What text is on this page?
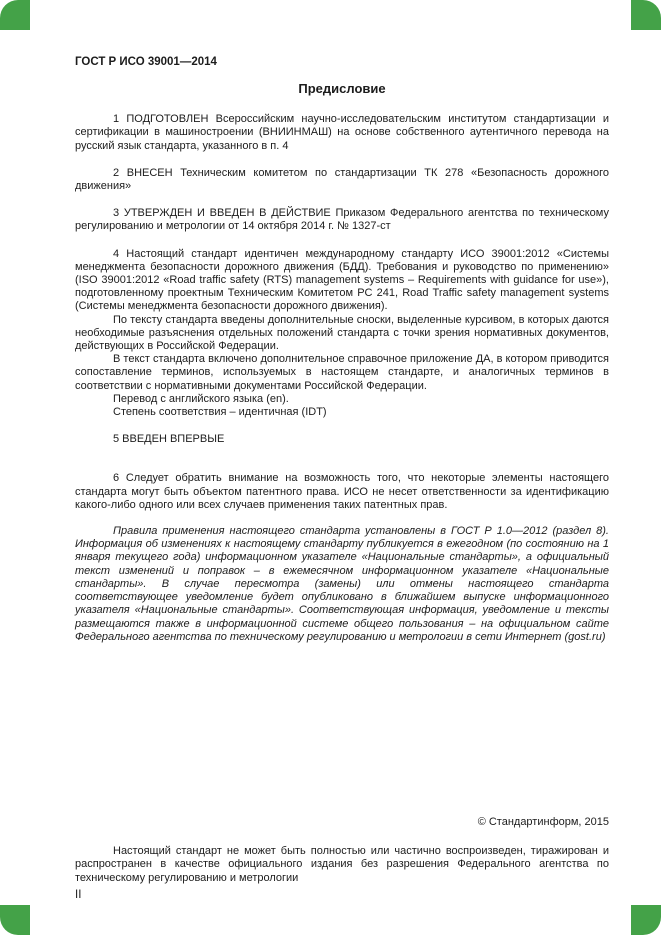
ГОСТ Р ИСО 39001—2014
Предисловие

1 ПОДГОТОВЛЕН Всероссийским научно-исследовательским институтом стандартизации и сертификации в машиностроении (ВНИИНМАШ) на основе собственного аутентичного перевода на русский язык стандарта, указанного в п. 4

2 ВНЕСЕН Техническим комитетом по стандартизации ТК 278 «Безопасность дорожного движения»

3 УТВЕРЖДЕН И ВВЕДЕН В ДЕЙСТВИЕ Приказом Федерального агентства по техническому регулированию и метрологии от 14 октября 2014 г. № 1327-ст

4 Настоящий стандарт идентичен международному стандарту ИСО 39001:2012 «Системы менеджмента безопасности дорожного движения (БДД). Требования и руководство по применению» (ISO 39001:2012 «Road traffic safety (RTS) management systems – Requirements with guidance for use»), подготовленному проектным Техническим Комитетом РС 241, Road Traffic safety management systems (Системы менеджмента безопасности дорожного движения).

По тексту стандарта введены дополнительные сноски, выделенные курсивом, в которых даются необходимые разъяснения отдельных положений стандарта с точки зрения нормативных документов, действующих в Российской Федерации.

В текст стандарта включено дополнительное справочное приложение ДА, в котором приводится сопоставление терминов, используемых в настоящем стандарте, и аналогичных терминов в соответствии с нормативными документами Российской Федерации.

Перевод с английского языка (en).

Степень соответствия – идентичная (IDT)

5 ВВЕДЕН ВПЕРВЫЕ

6 Следует обратить внимание на возможность того, что некоторые элементы настоящего стандарта могут быть объектом патентного права. ИСО не несет ответственности за идентификацию какого-либо одного или всех случаев применения таких патентных прав.

Правила применения настоящего стандарта установлены в ГОСТ Р 1.0—2012 (раздел 8). Информация об изменениях к настоящему стандарту публикуется в ежегодном (по состоянию на 1 января текущего года) информационном указателе «Национальные стандарты», а официальный текст изменений и поправок – в ежемесячном информационном указателе «Национальные стандарты». В случае пересмотра (замены) или отмены настоящего стандарта соответствующее уведомление будет опубликовано в ближайшем выпуске информационного указателя «Национальные стандарты». Соответствующая информация, уведомление и тексты размещаются также в информационной системе общего пользования – на официальном сайте Федерального агентства по техническому регулированию и метрологии в сети Интернет (gost.ru)

© Стандартинформ, 2015

Настоящий стандарт не может быть полностью или частично воспроизведен, тиражирован и распространен в качестве официального издания без разрешения Федерального агентства по техническому регулированию и метрологии

II
